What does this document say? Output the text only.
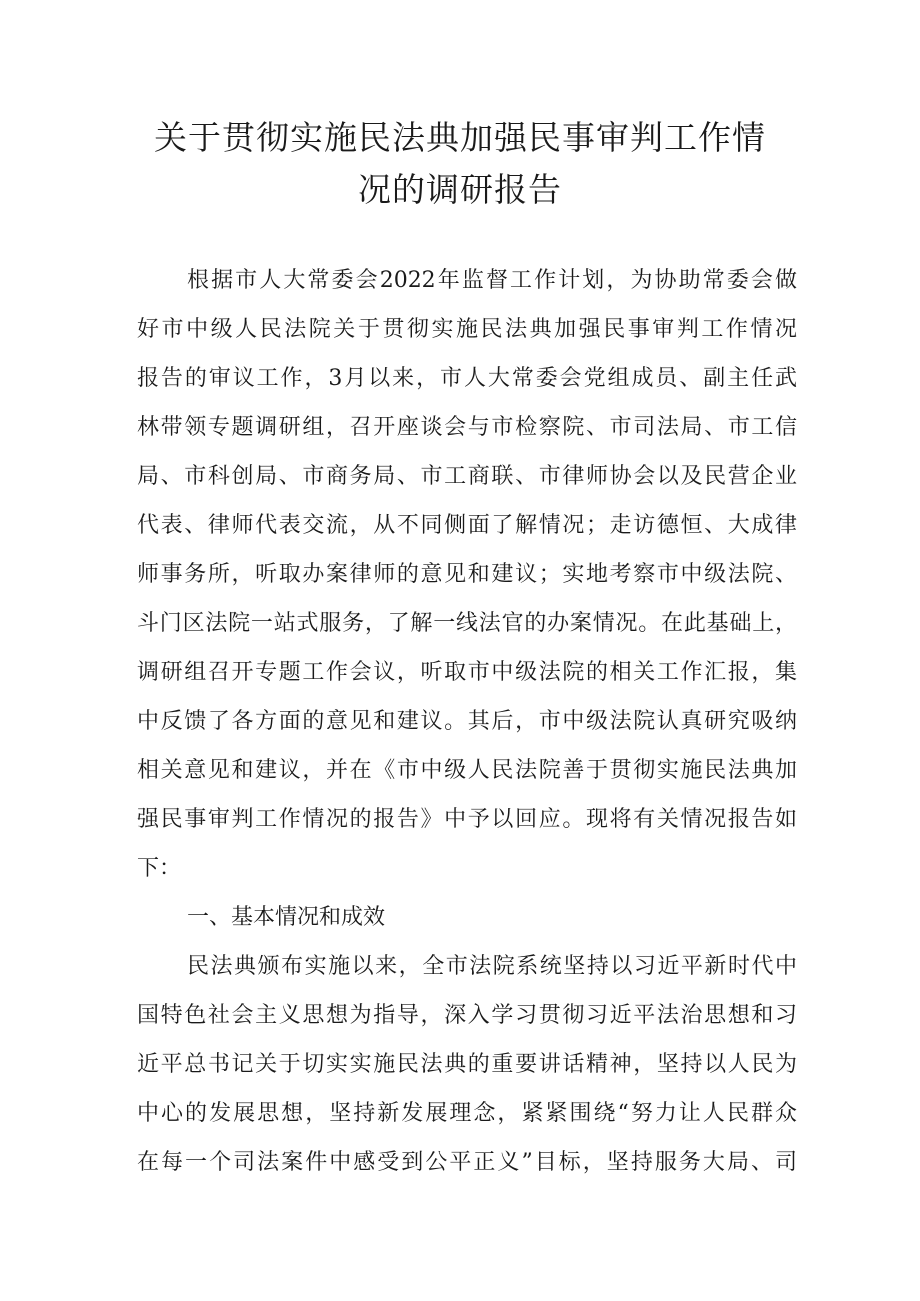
关于贯彻实施民法典加强民事审判工作情
况的调研报告
根据市人大常委会2022年监督工作计划，为协助常委会做
好市中级人民法院关于贯彻实施民法典加强民事审判工作情况
报告的审议工作，3月以来，市人大常委会党组成员、副主任武
林带领专题调研组，召开座谈会与市检察院、市司法局、市工信
局、市科创局、市商务局、市工商联、市律师协会以及民营企业
代表、律师代表交流，从不同侧面了解情况；走访德恒、大成律
师事务所，听取办案律师的意见和建议；实地考察市中级法院、
斗门区法院一站式服务，了解一线法官的办案情况。在此基础上，
调研组召开专题工作会议，听取市中级法院的相关工作汇报，集
中反馈了各方面的意见和建议。其后，市中级法院认真研究吸纳
相关意见和建议，并在《市中级人民法院善于贯彻实施民法典加
强民事审判工作情况的报告》中予以回应。现将有关情况报告如
下：
一、基本情况和成效
民法典颁布实施以来，全市法院系统坚持以习近平新时代中
国特色社会主义思想为指导，深入学习贯彻习近平法治思想和习
近平总书记关于切实实施民法典的重要讲话精神，坚持以人民为
中心的发展思想，坚持新发展理念，紧紧围绕“努力让人民群众
在每一个司法案件中感受到公平正义”目标，坚持服务大局、司
